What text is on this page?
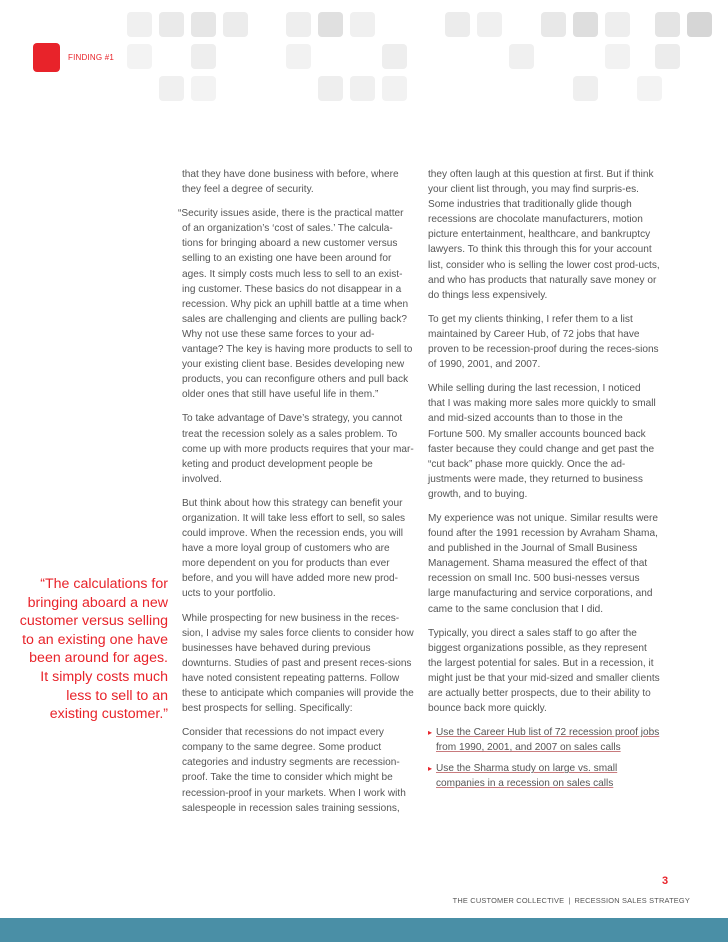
FINDING #1
“The calculations for bringing aboard a new customer versus selling to an existing one have been around for ages. It simply costs much less to sell to an existing customer.”

that they have done business with before, where they feel a degree of security.

“Security issues aside, there is the practical matter of an organization’s ‘cost of sales.’ The calcula-tions for bringing aboard a new customer versus selling to an existing one have been around for ages. It simply costs much less to sell to an exist-ing customer. These basics do not disappear in a recession. Why pick an uphill battle at a time when sales are challenging and clients are pulling back? Why not use these same forces to your ad-vantage? The key is having more products to sell to your existing client base. Besides developing new products, you can reconfigure others and pull back older ones that still have useful life in them.”

To take advantage of Dave’s strategy, you cannot treat the recession solely as a sales problem. To come up with more products requires that your mar-keting and product development people be involved.

But think about how this strategy can benefit your organization. It will take less effort to sell, so sales could improve. When the recession ends, you will have a more loyal group of customers who are more dependent on you for products than ever before, and you will have added more new prod-ucts to your portfolio.

While prospecting for new business in the reces-sion, I advise my sales force clients to consider how businesses have behaved during previous downturns. Studies of past and present reces-sions have noted consistent repeating patterns. Follow these to anticipate which companies will provide the best prospects for selling. Specifically:

Consider that recessions do not impact every company to the same degree. Some product categories and industry segments are recession-proof. Take the time to consider which might be recession-proof in your markets. When I work with salespeople in recession sales training sessions,

they often laugh at this question at first. But if think your client list through, you may find surpris-es. Some industries that traditionally glide though recessions are chocolate manufacturers, motion picture entertainment, healthcare, and bankruptcy lawyers. To think this through this for your account list, consider who is selling the lower cost prod-ucts, and who has products that naturally save money or do things less expensively.

To get my clients thinking, I refer them to a list maintained by Career Hub, of 72 jobs that have proven to be recession-proof during the reces-sions of 1990, 2001, and 2007.

While selling during the last recession, I noticed that I was making more sales more quickly to small and mid-sized accounts than to those in the Fortune 500. My smaller accounts bounced back faster because they could change and get past the “cut back” phase more quickly. Once the ad-justments were made, they returned to business growth, and to buying.

My experience was not unique. Similar results were found after the 1991 recession by Avraham Shama, and published in the Journal of Small Business Management. Shama measured the effect of that recession on small Inc. 500 busi-nesses versus large manufacturing and service corporations, and came to the same conclusion that I did.

Typically, you direct a sales staff to go after the biggest organizations possible, as they represent the largest potential for sales. But in a recession, it might just be that your mid-sized and smaller clients are actually better prospects, due to their ability to bounce back more quickly.

▸ Use the Career Hub list of 72 recession proof jobs from 1990, 2001, and 2007 on sales calls
▸ Use the Sharma study on large vs. small companies in a recession on sales calls
3
THE CUSTOMER COLLECTIVE | RECESSION SALES STRATEGY
